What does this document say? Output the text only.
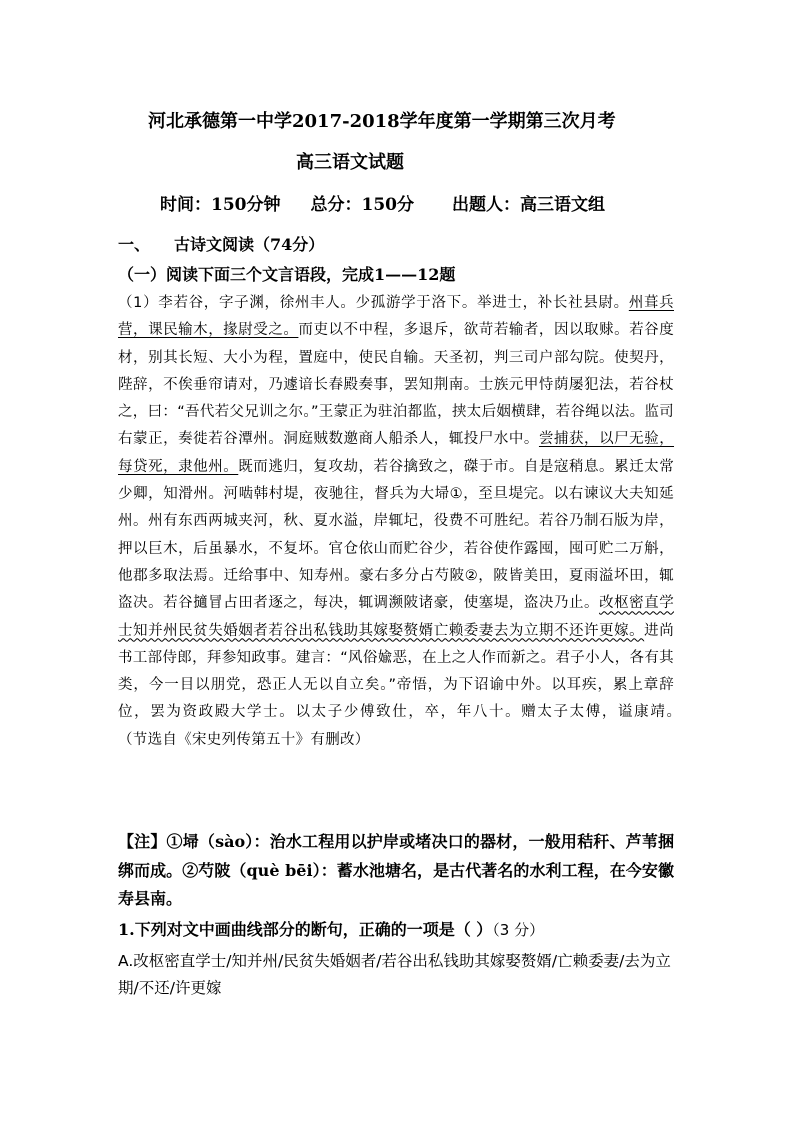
河北承德第一中学2017-2018学年度第一学期第三次月考
高三语文试题
时间：150分钟 总分：150分 出题人：高三语文组
一、 古诗文阅读（74分）
（一）阅读下面三个文言语段，完成1——12题
（1）李若谷，字子渊，徐州丰人。少孤游学于洛下。举进士，补长社县尉。州葺兵营，课民输木，掾尉受之。而吏以不中程，多退斥，欲苛若输者，因以取赇。若谷度材，别其长短、大小为程，置庭中，使民自输。天圣初，判三司户部勾院。使契丹，陛辞，不俟垂帘请对，乃遽谙长春殿奏事，罢知荆南。士族元甲恃荫屡犯法，若谷杖之，曰：“吾代若父兄训之尔。”王蒙正为驻泊都监，挟太后姻横肆，若谷绳以法。监司右蒙正，奏徙若谷潭州。洞庭贼数邀商人船杀人，辄投尸水中。尝捕获，以尸无验，每贷死，隶他州。既而逃归，复攻劫，若谷擒致之，磔于市。自是寇稍息。累迁太常少卿，知滑州。河啮韩村堤，夜驰往，督兵为大埽①，至旦堤完。以右谏议大夫知延州。州有东西两城夹河，秋、夏水溢，岸辄圮，役费不可胜纪。若谷乃制石版为岸，押以巨木，后虽暴水，不复坏。官仓依山而贮谷少，若谷使作露囤，囤可贮二万斛，他郡多取法焉。迁给事中、知寿州。豪右多分占芍陂②，陂皆美田，夏雨溢坏田，辄盗决。若谷擿冒占田者逐之，每决，辄调濒陂诸豪，使塞堤，盗决乃止。改枢密直学士知并州民贫失婚姻者若谷出私钱助其嫁娶赘婿亡赖委妻去为立期不还许更嫁。进尚书工部侍郎，拜参知政事。建言：“风俗婾恶，在上之人作而新之。君子小人，各有其类，今一目以朋党，恐正人无以自立矣。”帝悟，为下诏谕中外。以耳疾，累上章辞位，罢为资政殿大学士。以太子少傅致仕，卒，年八十。赠太子太傅，谥康靖。　　（节选自《宋史列传第五十》有删改）
【注】①埽（sào）：治水工程用以护岸或堵决口的器材，一般用秸秆、芦苇捆绑而成。②芍陂（què bēi）：蓄水池塘名，是古代著名的水利工程，在今安徽寿县南。
1.下列对文中画曲线部分的断句，正确的一项是（ ）（3 分）
A.改枢密直学士/知并州/民贫失婚姻者/若谷出私钱助其嫁娶赘婿/亡赖委妻/去为立期/不还/许更嫁
